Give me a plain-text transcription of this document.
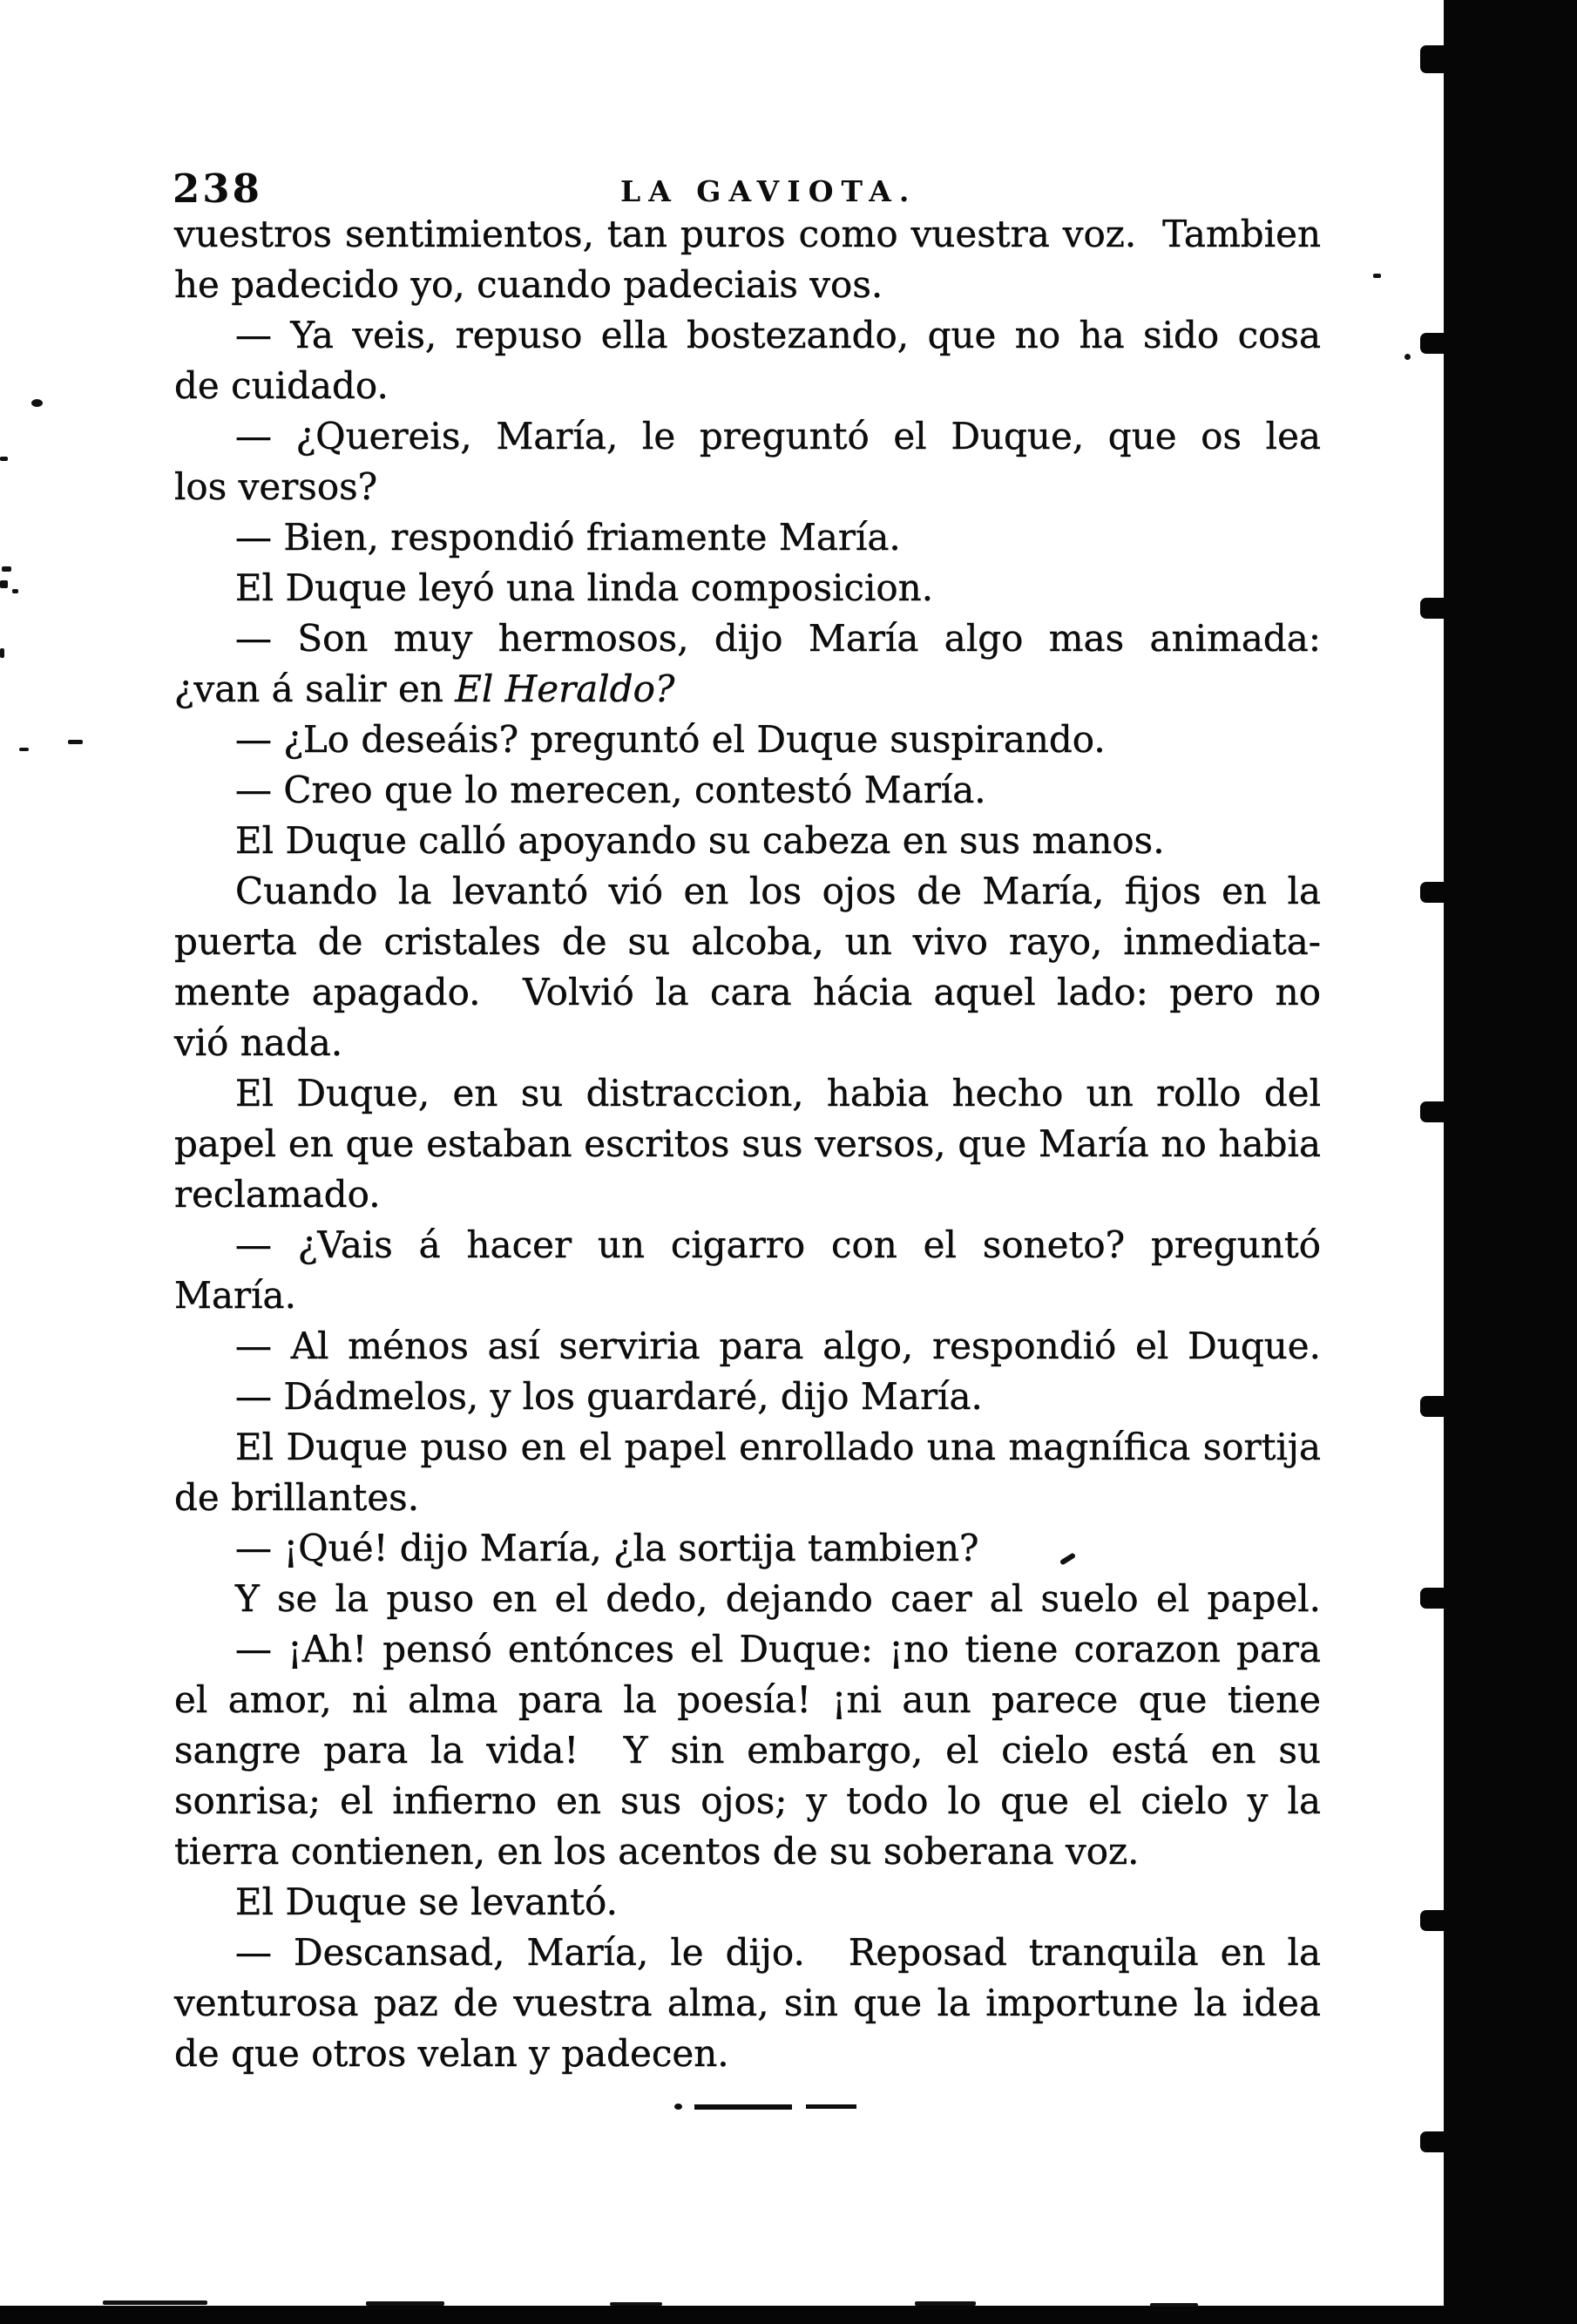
238	LA GAVIOTA.
vuestros sentimientos, tan puros como vuestra voz.  Tambien
he padecido yo, cuando padeciais vos.
— Ya veis, repuso ella bostezando, que no ha sido cosa
de cuidado.
— ¿Quereis, María, le preguntó el Duque, que os lea
los versos?
— Bien, respondió friamente María.
El Duque leyó una linda composicion.
— Son muy hermosos, dijo María algo mas animada:
¿van á salir en El Heraldo?
— ¿Lo deseáis? preguntó el Duque suspirando.
— Creo que lo merecen, contestó María.
El Duque calló apoyando su cabeza en sus manos.
Cuando la levantó vió en los ojos de María, fijos en la
puerta de cristales de su alcoba, un vivo rayo, inmediata-
mente apagado.  Volvió la cara hácia aquel lado: pero no
vió nada.
El Duque, en su distraccion, habia hecho un rollo del
papel en que estaban escritos sus versos, que María no habia
reclamado.
— ¿Vais á hacer un cigarro con el soneto? preguntó
María.
— Al ménos así serviria para algo, respondió el Duque.
— Dádmelos, y los guardaré, dijo María.
El Duque puso en el papel enrollado una magnífica sortija
de brillantes.
— ¡Qué! dijo María, ¿la sortija tambien?
Y se la puso en el dedo, dejando caer al suelo el papel.
— ¡Ah! pensó entónces el Duque: ¡no tiene corazon para
el amor, ni alma para la poesía! ¡ni aun parece que tiene
sangre para la vida!  Y sin embargo, el cielo está en su
sonrisa; el infierno en sus ojos; y todo lo que el cielo y la
tierra contienen, en los acentos de su soberana voz.
El Duque se levantó.
— Descansad, María, le dijo.  Reposad tranquila en la
venturosa paz de vuestra alma, sin que la importune la idea
de que otros velan y padecen.
